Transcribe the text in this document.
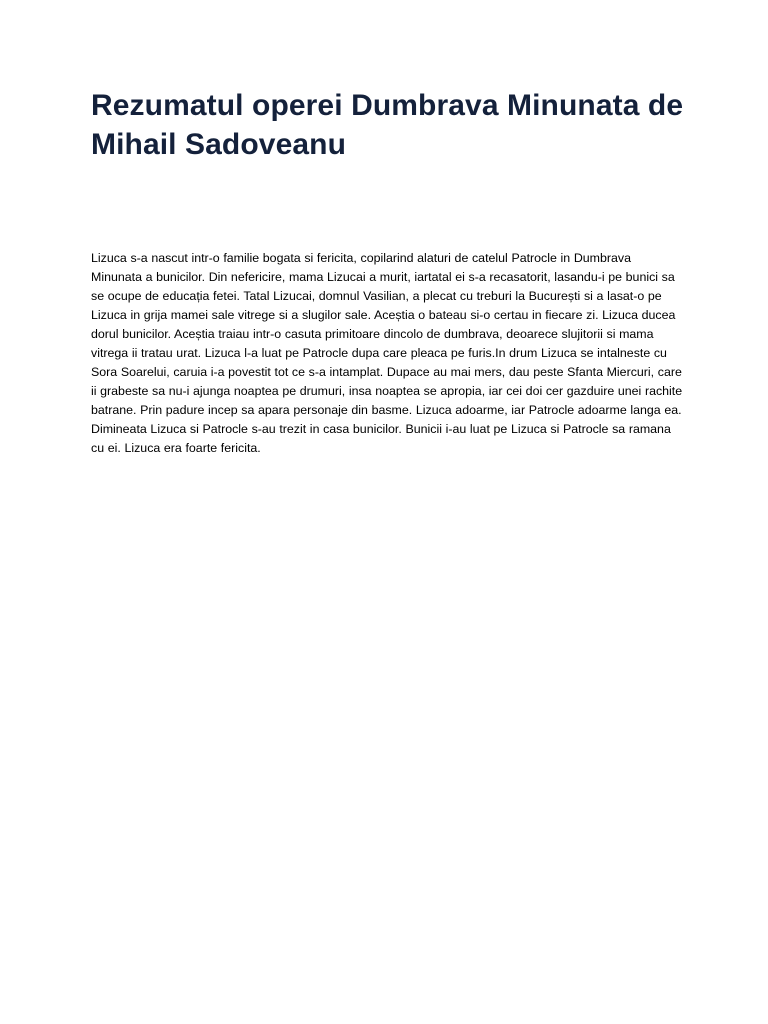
Rezumatul operei Dumbrava Minunata de Mihail Sadoveanu

Lizuca s-a nascut intr-o familie bogata si fericita, copilarind alaturi de catelul Patrocle in Dumbrava Minunata a bunicilor. Din nefericire, mama Lizucai a murit, iartatal ei s-a recasatorit, lasandu-i pe bunici sa se ocupe de educația fetei. Tatal Lizucai, domnul Vasilian, a plecat cu treburi la București si a lasat-o pe Lizuca in grija mamei sale vitrege si a slugilor sale. Aceștia o bateau si-o certau in fiecare zi. Lizuca ducea dorul bunicilor. Aceștia traiau intr-o casuta primitoare dincolo de dumbrava, deoarece slujitorii si mama vitrega ii tratau urat. Lizuca l-a luat pe Patrocle dupa care pleaca pe furis.In drum Lizuca se intalneste cu Sora Soarelui, caruia i-a povestit tot ce s-a intamplat. Dupace au mai mers, dau peste Sfanta Miercuri, care ii grabeste sa nu-i ajunga noaptea pe drumuri, insa noaptea se apropia, iar cei doi cer gazduire unei rachite batrane. Prin padure incep sa apara personaje din basme. Lizuca adoarme, iar Patrocle adoarme langa ea. Dimineata Lizuca si Patrocle s-au trezit in casa bunicilor. Bunicii i-au luat pe Lizuca si Patrocle sa ramana cu ei. Lizuca era foarte fericita.
